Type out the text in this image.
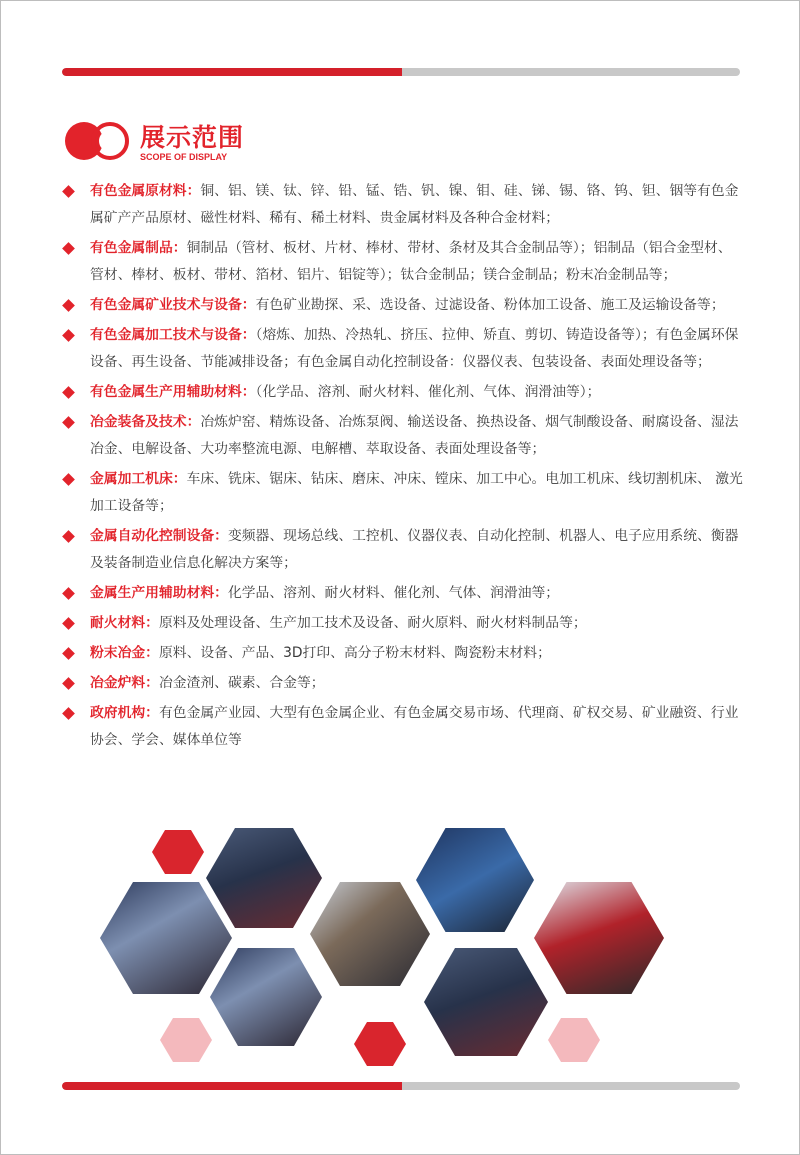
展示范围
SCOPE OF DISPLAY
有色金属原材料：铜、铝、镁、钛、锌、铅、锰、锆、钒、镍、钼、硅、锑、锡、铬、钨、钽、铟等有色金属矿产产品原材、磁性材料、稀有、稀土材料、贵金属材料及各种合金材料；
有色金属制品：铜制品（管材、板材、片材、棒材、带材、条材及其合金制品等）；铝制品（铝合金型材、管材、棒材、板材、带材、箔材、铝片、铝锭等）；钛合金制品；镁合金制品；粉末冶金制品等；
有色金属矿业技术与设备：有色矿业勘探、采、选设备、过滤设备、粉体加工设备、施工及运输设备等；
有色金属加工技术与设备：（熔炼、加热、冷热轧、挤压、拉伸、矫直、剪切、铸造设备等）；有色金属环保设备、再生设备、节能减排设备；有色金属自动化控制设备：仪器仪表、包装设备、表面处理设备等；
有色金属生产用辅助材料：（化学品、溶剂、耐火材料、催化剂、气体、润滑油等）；
冶金装备及技术：冶炼炉窑、精炼设备、冶炼泵阀、输送设备、换热设备、烟气制酸设备、耐腐设备、湿法冶金、电解设备、大功率整流电源、电解槽、萃取设备、表面处理设备等；
金属加工机床：车床、铣床、锯床、钻床、磨床、冲床、镗床、加工中心。电加工机床、线切割机床、 激光加工设备等；
金属自动化控制设备：变频器、现场总线、工控机、仪器仪表、自动化控制、机器人、电子应用系统、衡器及装备制造业信息化解决方案等；
金属生产用辅助材料：化学品、溶剂、耐火材料、催化剂、气体、润滑油等；
耐火材料：原料及处理设备、生产加工技术及设备、耐火原料、耐火材料制品等；
粉末冶金：原料、设备、产品、3D打印、高分子粉末材料、陶瓷粉末材料；
冶金炉料：冶金渣剂、碳素、合金等；
政府机构：有色金属产业园、大型有色金属企业、有色金属交易市场、代理商、矿权交易、矿业融资、行业协会、学会、媒体单位等
